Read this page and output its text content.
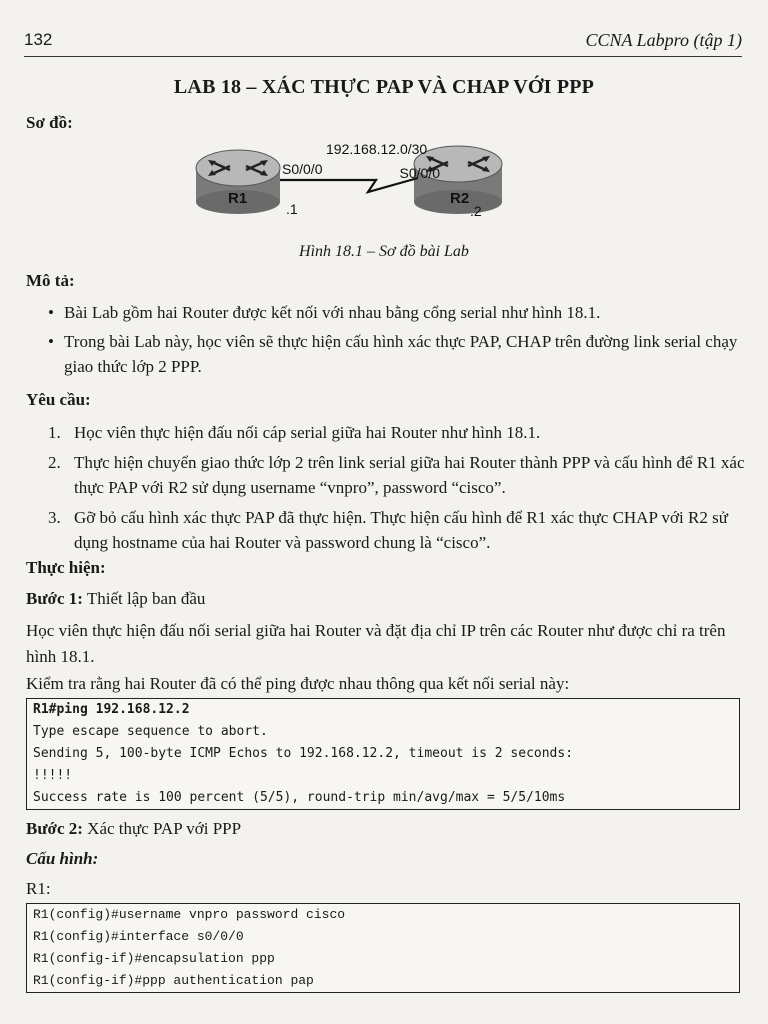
132	CCNA Labpro (tập 1)
LAB 18 – XÁC THỰC PAP VÀ CHAP VỚI PPP
Sơ đồ:
R1	R2
192.168.12.0/30
S0/0/0	S0/0/0
.1	.2
Hình 18.1 – Sơ đồ bài Lab
Mô tả:
• Bài Lab gồm hai Router được kết nối với nhau bằng cổng serial như hình 18.1.
• Trong bài Lab này, học viên sẽ thực hiện cấu hình xác thực PAP, CHAP trên đường link serial chạy giao thức lớp 2 PPP.
Yêu cầu:
1. Học viên thực hiện đấu nối cáp serial giữa hai Router như hình 18.1.
2. Thực hiện chuyển giao thức lớp 2 trên link serial giữa hai Router thành PPP và cấu hình để R1 xác thực PAP với R2 sử dụng username “vnpro”, password “cisco”.
3. Gỡ bỏ cấu hình xác thực PAP đã thực hiện. Thực hiện cấu hình để R1 xác thực CHAP với R2 sử dụng hostname của hai Router và password chung là “cisco”.
Thực hiện:
Bước 1: Thiết lập ban đầu
Học viên thực hiện đấu nối serial giữa hai Router và đặt địa chỉ IP trên các Router như được chỉ ra trên hình 18.1.
Kiểm tra rằng hai Router đã có thể ping được nhau thông qua kết nối serial này:
R1#ping 192.168.12.2
Type escape sequence to abort.
Sending 5, 100-byte ICMP Echos to 192.168.12.2, timeout is 2 seconds:
!!!!!
Success rate is 100 percent (5/5), round-trip min/avg/max = 5/5/10ms
Bước 2: Xác thực PAP với PPP
Cấu hình:
R1:
R1(config)#username vnpro password cisco
R1(config)#interface s0/0/0
R1(config-if)#encapsulation ppp
R1(config-if)#ppp authentication pap
